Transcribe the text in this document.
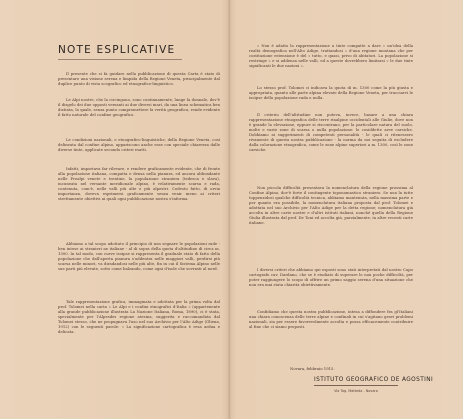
NOTE ESPLICATIVE
Il presente che si fa guidare nella pubblicazione di questa Carta è stato di presentare una visione serena e limpida della Regione Veneta, principalmente dal duplice punto di vista scografico ed etnografico-linguistico.
Le Alpi nostre, che la circingono, sono continuamente, lunge la donnale, dov'è il disgelo dei due opposti versanti ai due diversi mari, da una linea schematica ben distinta, la quale, senza punto compromettere la verità geografica, rende evidente il fatto naturale del confine geografico.
Le condizioni nazionali, e etnografico-linguistiche, della Regione Veneta, così delineata dal confine alpino, appariscono anche esse con speciale chiarezza dalle diverse tinte, applicate secondo criteri esatti.
Infatti, importava far rilevare, e rendere graficamente evidente, che di fronte alla popolazione italiana, compatta e densa nella pianura, ed ancora abbondante nelle Prealpi venete e trentine, la popolazione straniera (tedesca e slava), incuneata nel versante meridionale alpino, è relativamente scarsa e rada, contenuta, com'è, nelle valli più alte e più alpestri. Codesto fatto, di orvia importanza, doveva esprimersi graficamente senza venir meno ai criteri strettamente obiettivi ai quali ogni pubblicazione nostra s'informa.
Abbiamo a tal scopo adottato il principio di non segnare le popolazioni rade - ben intese ai stranieri ne italiane - al di sopra della quota d'altitudine di circa m. 1300. In tal modo, con curve isoipse si rappresenta il graduale stato di fatto della popolazione che dall'aperta pianura s'addentra nelle maggiori valli, perdirsi più scarsa nelle minori, va diradandosi nelle più alte, fin in cui il Sistema Alpino nelle sue parti più elevate, sotto come balzando, come ogni d'isole che sovrasti al nord.
Tale rappresentazione grafica, immaginata e adottata per la prima volta dal prof. Tolomei nella carta « Le Alpi e i confini etnografici d'Italia » (appartenente alla grande pubblicazione illustrata La Nazione Italiana, Roma, 1890), ci è stata, specialmente per l'Alpesdes regione atesina, suggerita e raccomandata dal Tolomei stesso, che ne propugnava l'uso nel suo Archivio per l'Alto Adige (Gliena, 1912) con le seguenti parole: « La significazione cartografica è resa ardua e delicata.
« Non è adatto la rappresentazione a tinte compatte a dare « un'idea della realtà demografica nell'Alto Adige, trattandosi « d'una regione montana che per costituzione estensione è del « tutto, e quasi, privo di abitatori. La popolazione si restringe « e si addensa nelle valli, ed a queste dovrebbero limitarsi « le due tinte significanti le due nazioni ».
Lo stesso prof. Tolomei ci indicava la quota di m. 1300 come la più giusta e appropriata, quanto alle parte alpina elevate della Regione Veneta, per tracciarvi le isoipse della popolazione rada o nulla.
Il criterio dell'altitudine non poteva, invece, basare a una chiara rappresentazione etnografica delle terre rinalpine occidentali alle Giulie, dove non è grande la elevazione, eppure si riscontrano, per la particolare natura del suolo, molte e vaste zone di scarsa o nulla popolazione: le cosiddette aree carsiche. Dobbiamo ai suggerimenti di competenti personalità - le quali ci ritenessero rivamente di questa nostra pubblicazione - la norma da noi seguita di escludere dalla colorazione etnografica, come le zone alpine superiori a m. 1300, così le zone carsiche.
Non piccola difficoltà presentava la nomenclatura della regione prossima al Confine Alpino, dov'è forte il contingente toponomastico straniero. Se non la tutte toppenzidosi qualche difficoltà tecnica, abbiamo mantenuta, nella massima parte e per quanto era possibile, la nomenclatura italiana proposta dal prof. Tolomei e adottata nel suo Archivio per l'Alto Adige per la detta regione; nomenclatura già accolta in altre carte nostre e d'altri istituti italiani, nonché quella della Regione Giulia illustrata dal prof. De Toni ed accolta già, parzialmente, in altre recenti carte italiane.
I diversi criteri che abbiamo qui esposti sono stati interpretati dal nostro Capo cartografo cav. Dardano, che se è studiato di superare le non poche difficoltà, per poter raggiungere lo scopo di offrire un primo saggio serena d'una situazione che non era mai stata chiarita obiettivamente.
Confidiamo che questa nostra pubblicazione, intesa a diffondere fra gl'Italiani una chiara conoscenza delle terre alpine e confinali in cui s'agitano gravi problemi nazionali, sia per essere favorevolmente accolta e possa efficacemente contribuire al fine che ci siamo proposti.
Novara, febbraio 1915.
ISTITUTO GEOGRAFICO DE AGOSTINI
Via Tog. Matteda - Novara
